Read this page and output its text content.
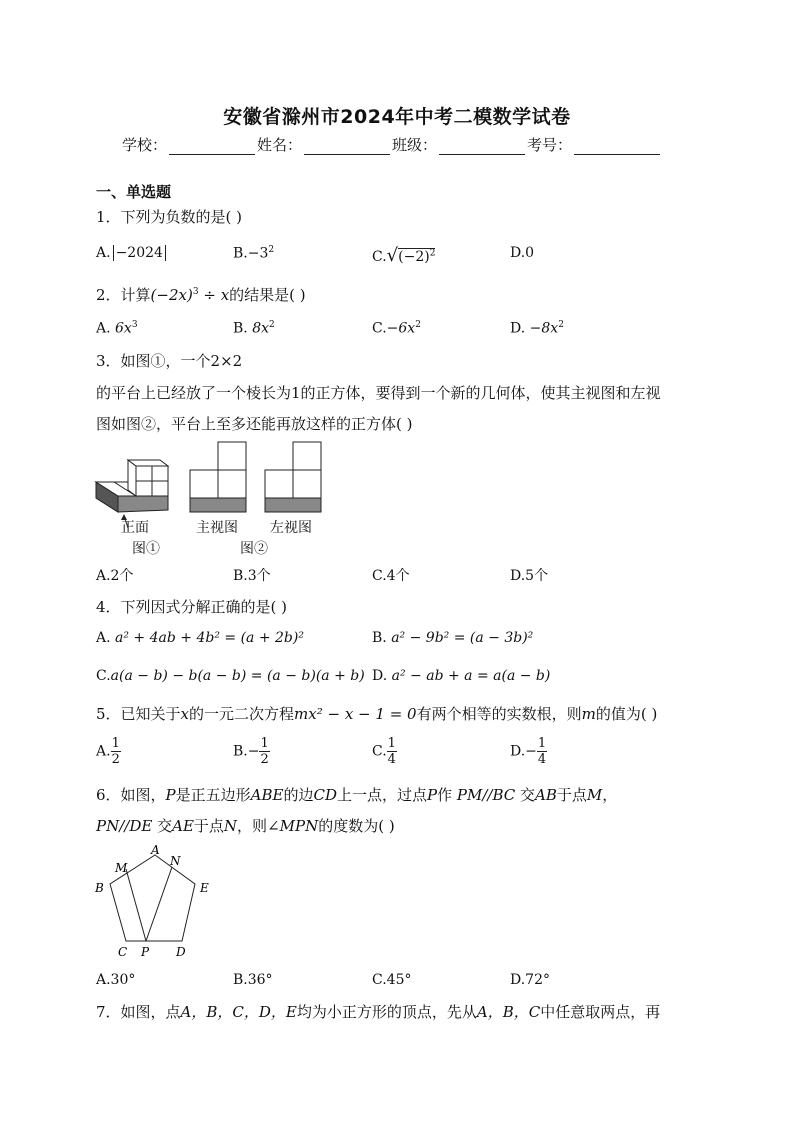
安徽省滁州市2024年中考二模数学试卷
学校：	姓名：	班级：	考号：
一、单选题
1．下列为负数的是( )
A. −2024	$B.-3^2$	$C.√(-2)^2$	D.0
2．计算$(-2x)^3 \div x$的结果是( )
A. $6x^3$	B. $8x^2$	$C.-6x^2$	D. $-8x^2$
3．如图①，一个2×2
的平台上已经放了一个棱长为1的正方体，要得到一个新的几何体，使其主视图和左视
图如图②，平台上至多还能再放这样的正方体( )
正面
图①
主视图 左视图
图②
A.2个	B.3个	C.4个	D.5个
4．下列因式分解正确的是( )
A. a² + 4ab + 4b² = (a + 2b)²	B. a² − 9b² = (a − 3b)²
C.a(a − b) − b(a − b) = (a − b)(a + b) D. a² − ab + a = a(a − b)
5．已知关于x的一元二次方程mx² − x − 1 = 0有两个相等的实数根，则m的值为( )
A. $\frac{1}{2}$	$B.- \frac{1}{2}$	C. $\frac{1}{4}$	$D.- \frac{1}{4}$
6．如图，P是正五边形ABE的边CD上一点，过点P作 PM//BC 交AB于点M，
PN//DE 交AE于点N，则∠MPN的度数为( )
A
B
C	D
E
M	N
P
A.30°	B.36°	C.45°	D.72°
7．如图，点A，B，C，D，E均为小正方形的顶点，先从A，B，C中任意取两点，再
